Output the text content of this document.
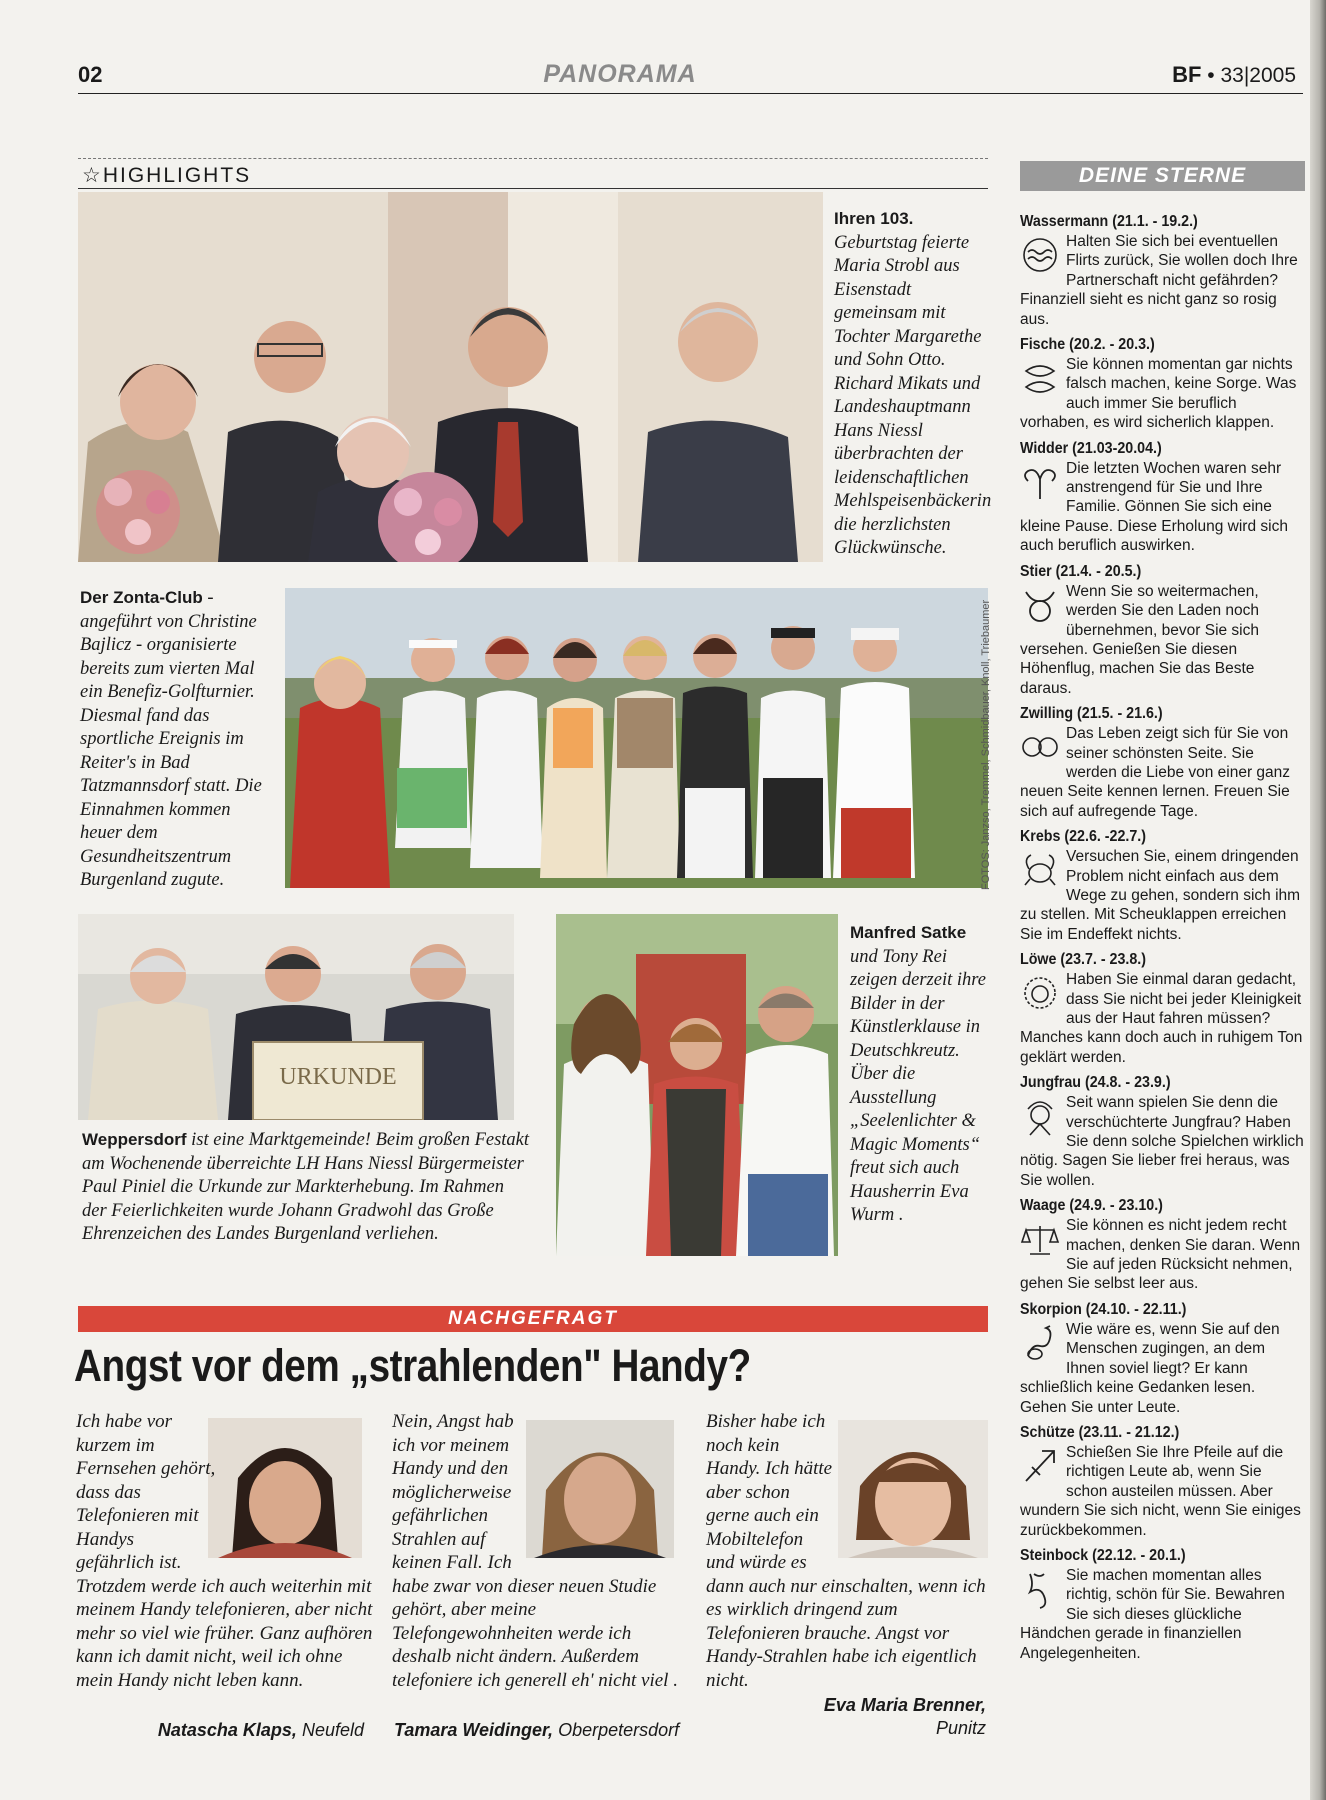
02	PANORAMA	BF • 33|2005
☆HIGHLIGHTS
Ihren 103. Geburtstag feierte Maria Strobl aus Eisenstadt gemeinsam mit Tochter Margarethe und Sohn Otto. Richard Mikats und Landeshauptmann Hans Niessl überbrachten der leidenschaftlichen Mehlspeisenbäckerin die herzlichsten Glückwünsche.
Der Zonta-Club - angeführt von Christine Bajlicz - organisierte bereits zum vierten Mal ein Benefiz-Golfturnier. Diesmal fand das sportliche Ereignis im Reiter's in Bad Tatzmannsdorf statt. Die Einnahmen kommen heuer dem Gesundheitszentrum Burgenland zugute.	FOTOS: Janzso, Tremmel, Schmidbauer, Knoll, Triebaumer
URKUNDE
Weppersdorf ist eine Marktgemeinde! Beim großen Festakt am Wochenende überreichte LH Hans Niessl Bürgermeister Paul Piniel die Urkunde zur Markterhebung. Im Rahmen der Feierlichkeiten wurde Johann Gradwohl das Große Ehrenzeichen des Landes Burgenland verliehen.
Manfred Satke und Tony Rei zeigen derzeit ihre Bilder in der Künstlerklause in Deutschkreutz. Über die Ausstellung „Seelenlichter & Magic Moments“ freut sich auch Hausherrin Eva Wurm .
NACHGEFRAGT
Angst vor dem „strahlenden" Handy?
Ich habe vor kurzem im Fernsehen gehört, dass das Telefonieren mit Handys gefährlich ist. Trotzdem werde ich auch weiterhin mit meinem Handy telefonieren, aber nicht mehr so viel wie früher. Ganz aufhören kann ich damit nicht, weil ich ohne mein Handy nicht leben kann.
Natascha Klaps, Neufeld
Nein, Angst hab ich vor meinem Handy und den möglicherweise gefährlichen Strahlen auf keinen Fall. Ich habe zwar von dieser neuen Studie gehört, aber meine Telefongewohnheiten werde ich deshalb nicht ändern. Außerdem telefoniere ich generell eh' nicht viel .
Tamara Weidinger, Oberpetersdorf
Bisher habe ich noch kein Handy. Ich hätte aber schon gerne auch ein Mobiltelefon und würde es dann auch nur einschalten, wenn ich es wirklich dringend zum Telefonieren brauche. Angst vor Handy-Strahlen habe ich eigentlich nicht.
Eva Maria Brenner,
Punitz
DEINE STERNE
Wassermann (21.1. - 19.2.)
Halten Sie sich bei eventuellen Flirts zurück, Sie wollen doch Ihre Partnerschaft nicht gefährden? Finanziell sieht es nicht ganz so rosig aus.
Fische (20.2. - 20.3.)
Sie können momentan gar nichts falsch machen, keine Sorge. Was auch immer Sie beruflich vorhaben, es wird sicherlich klappen.
Widder (21.03-20.04.)
Die letzten Wochen waren sehr anstrengend für Sie und Ihre Familie. Gönnen Sie sich eine kleine Pause. Diese Erholung wird sich auch beruflich auswirken.
Stier (21.4. - 20.5.)
Wenn Sie so weitermachen, werden Sie den Laden noch übernehmen, bevor Sie sich versehen. Genießen Sie diesen Höhenflug, machen Sie das Beste daraus.
Zwilling (21.5. - 21.6.)
Das Leben zeigt sich für Sie von seiner schönsten Seite. Sie werden die Liebe von einer ganz neuen Seite kennen lernen. Freuen Sie sich auf aufregende Tage.
Krebs (22.6. -22.7.)
Versuchen Sie, einem dringenden Problem nicht einfach aus dem Wege zu gehen, sondern sich ihm zu stellen. Mit Scheuklappen erreichen Sie im Endeffekt nichts.
Löwe (23.7. - 23.8.)
Haben Sie einmal daran gedacht, dass Sie nicht bei jeder Kleinigkeit aus der Haut fahren müssen? Manches kann doch auch in ruhigem Ton geklärt werden.
Jungfrau (24.8. - 23.9.)
Seit wann spielen Sie denn die verschüchterte Jungfrau? Haben Sie denn solche Spielchen wirklich nötig. Sagen Sie lieber frei heraus, was Sie wollen.
Waage (24.9. - 23.10.)
Sie können es nicht jedem recht machen, denken Sie daran. Wenn Sie auf jeden Rücksicht nehmen, gehen Sie selbst leer aus.
Skorpion (24.10. - 22.11.)
Wie wäre es, wenn Sie auf den Menschen zugingen, an dem Ihnen soviel liegt? Er kann schließlich keine Gedanken lesen. Gehen Sie unter Leute.
Schütze (23.11. - 21.12.)
Schießen Sie Ihre Pfeile auf die richtigen Leute ab, wenn Sie schon austeilen müssen. Aber wundern Sie sich nicht, wenn Sie einiges zurückbekommen.
Steinbock (22.12. - 20.1.)
Sie machen momentan alles richtig, schön für Sie. Bewahren Sie sich dieses glückliche Händchen gerade in finanziellen Angelegenheiten.
